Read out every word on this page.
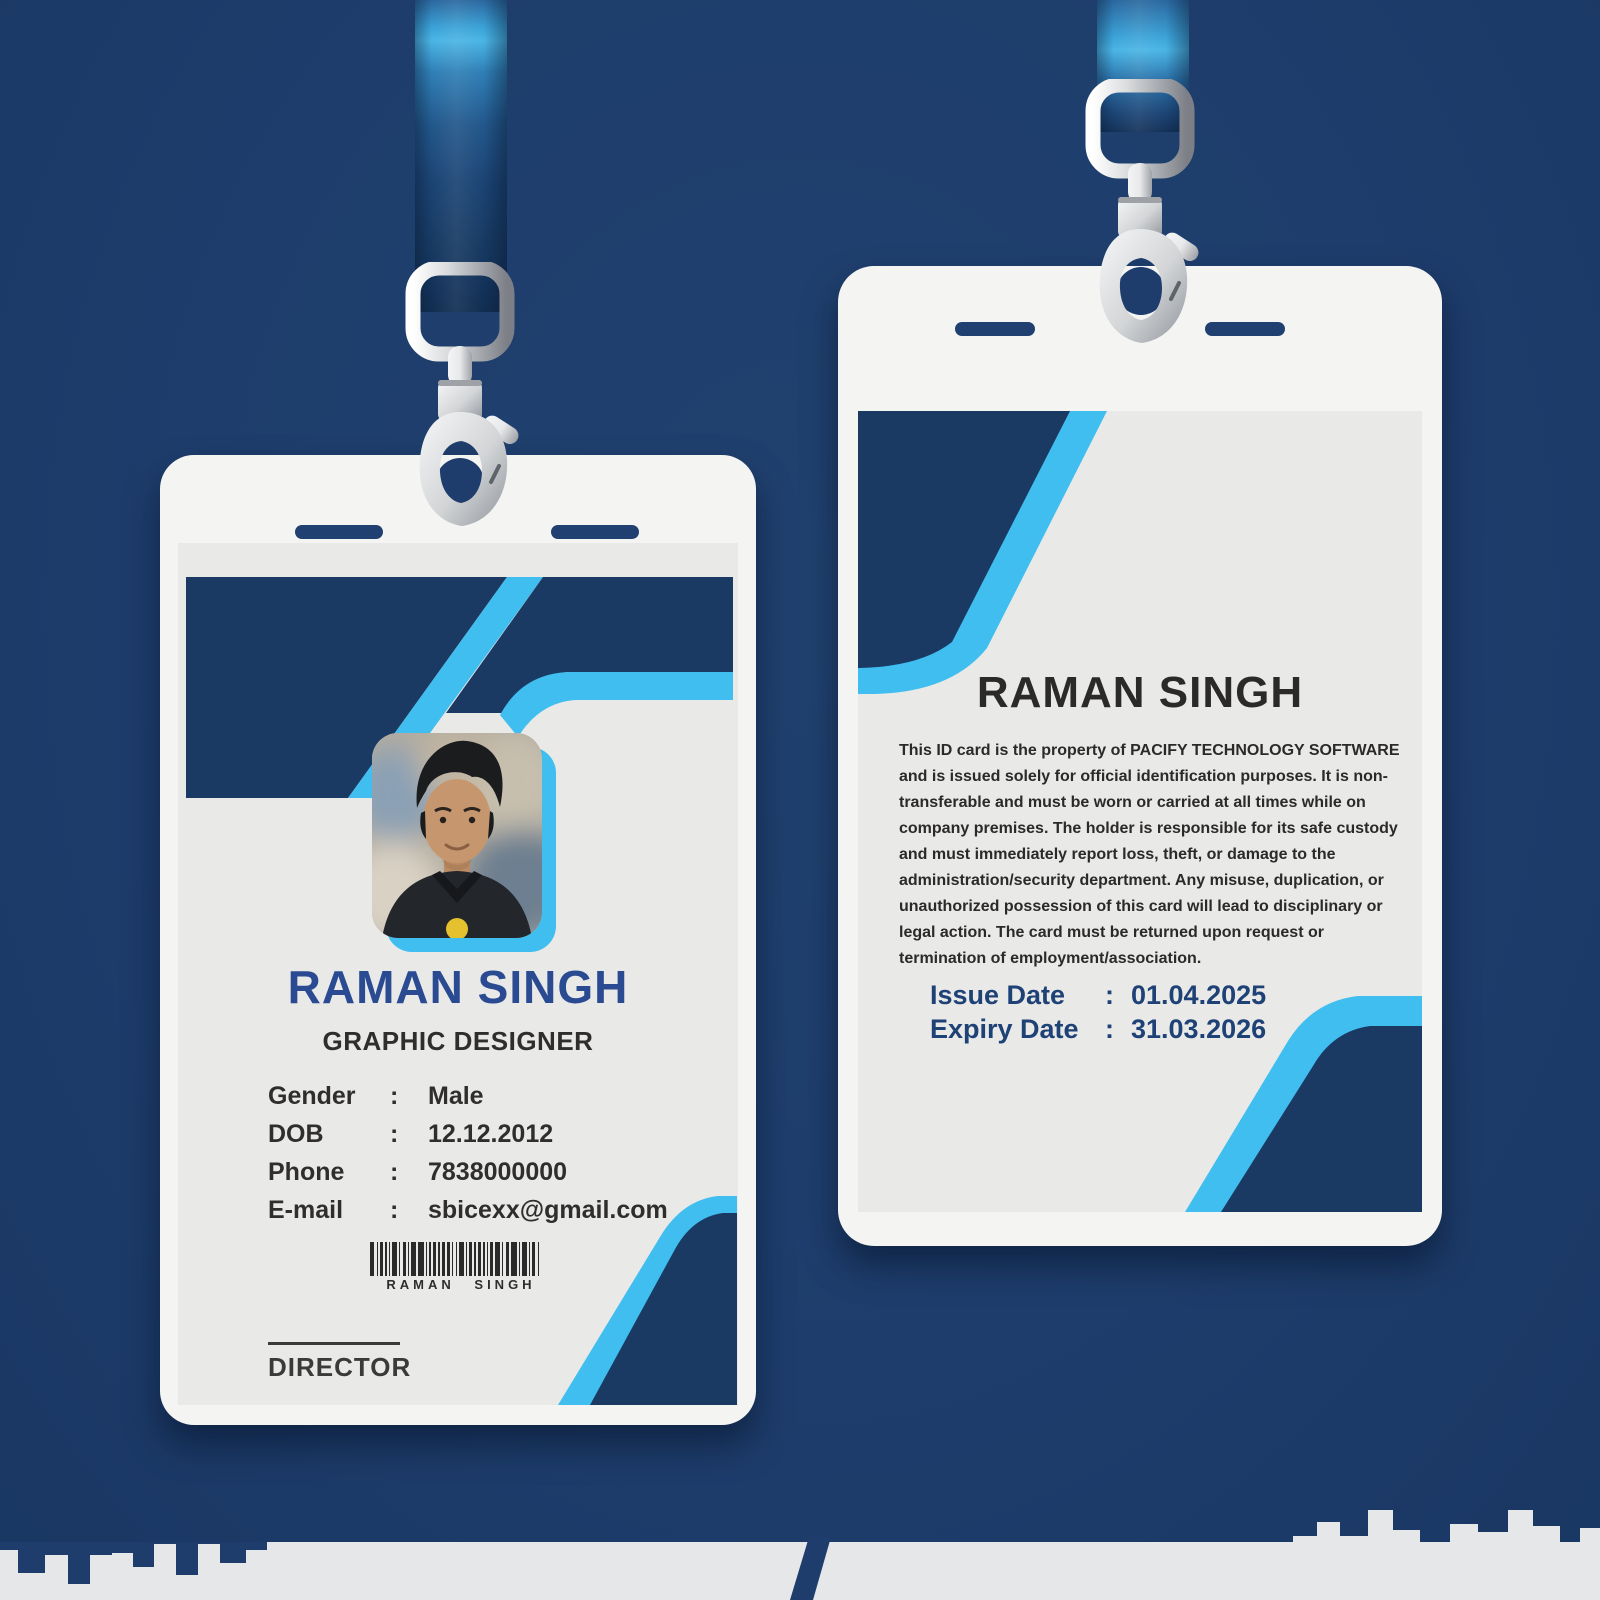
RAMAN SINGH
GRAPHIC DESIGNER
Gender : Male
DOB	: 12.12.2012
Phone : 7838000000
E-mail : sbicexx@gmail.com
RAMAN SINGH
DIRECTOR
RAMAN SINGH
This ID card is the property of PACIFY TECHNOLOGY SOFTWARE and is issued solely for official identification purposes. It is non-transferable and must be worn or carried at all times while on company premises. The holder is responsible for its safe custody and must immediately report loss, theft, or damage to the administration/security department. Any misuse, duplication, or unauthorized possession of this card will lead to disciplinary or legal action. The card must be returned upon request or termination of employment/association.
Issue Date : 01.04.2025
Expiry Date : 31.03.2026
